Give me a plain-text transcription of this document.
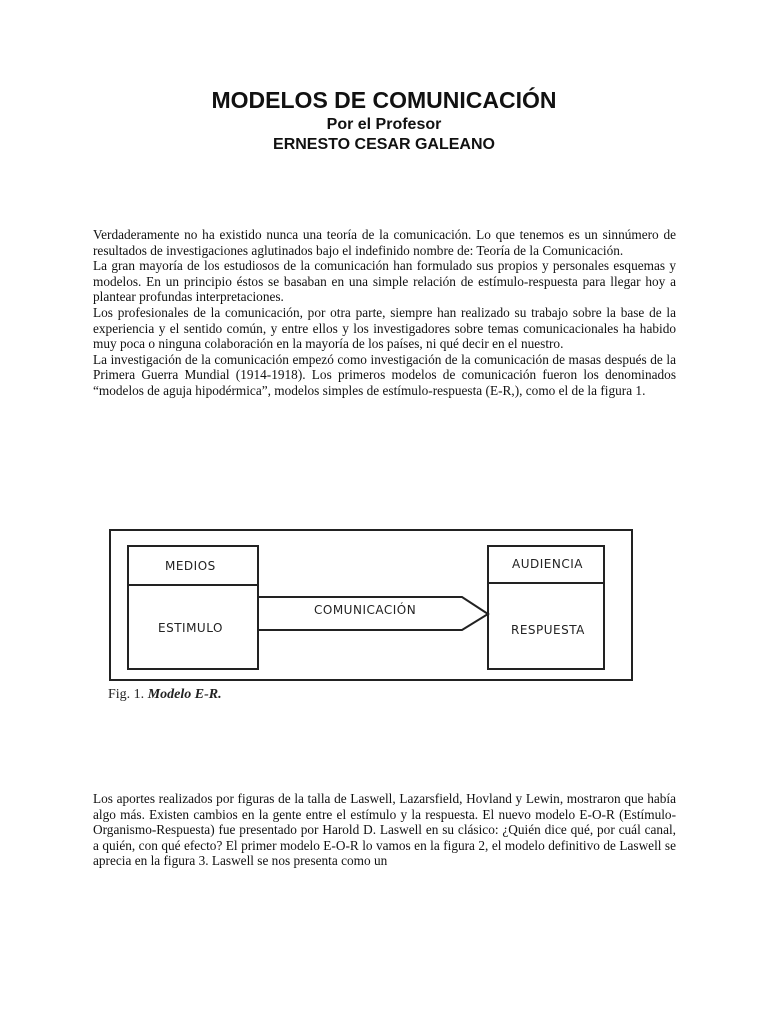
MODELOS DE COMUNICACIÓN
Por el Profesor
ERNESTO CESAR GALEANO

Verdaderamente no ha existido nunca una teoría de la comunicación. Lo que tenemos es un sinnúmero de resultados de investigaciones aglutinados bajo el indefinido nombre de: Teoría de la Comunicación.

La gran mayoría de los estudiosos de la comunicación han formulado sus propios y personales esquemas y modelos. En un principio éstos se basaban en una simple relación de estímulo-respuesta para llegar hoy a plantear profundas interpretaciones.

Los profesionales de la comunicación, por otra parte, siempre han realizado su trabajo sobre la base de la experiencia y el sentido común, y entre ellos y los investigadores sobre temas comunicacionales ha habido muy poca o ninguna colaboración en la mayoría de los países, ni qué decir en el nuestro.

La investigación de la comunicación empezó como investigación de la comunicación de masas después de la Primera Guerra Mundial (1914-1918). Los primeros modelos de comunicación fueron los denominados “modelos de aguja hipodérmica”, modelos simples de estímulo-respuesta (E-R,), como el de la figura 1.

MEDIOS
ESTIMULO
COMUNICACIÓN
AUDIENCIA
RESPUESTA
Fig. 1. Modelo E-R.

Los aportes realizados por figuras de la talla de Laswell, Lazarsfield, Hovland y Lewin, mostraron que había algo más. Existen cambios en la gente entre el estímulo y la respuesta. El nuevo modelo E-O-R (Estímulo-Organismo-Respuesta) fue presentado por Harold D. Laswell en su clásico: ¿Quién dice qué, por cuál canal, a quién, con qué efecto? El primer modelo E-O-R lo vamos en la figura 2, el modelo definitivo de Laswell se aprecia en la figura 3. Laswell se nos presenta como un
